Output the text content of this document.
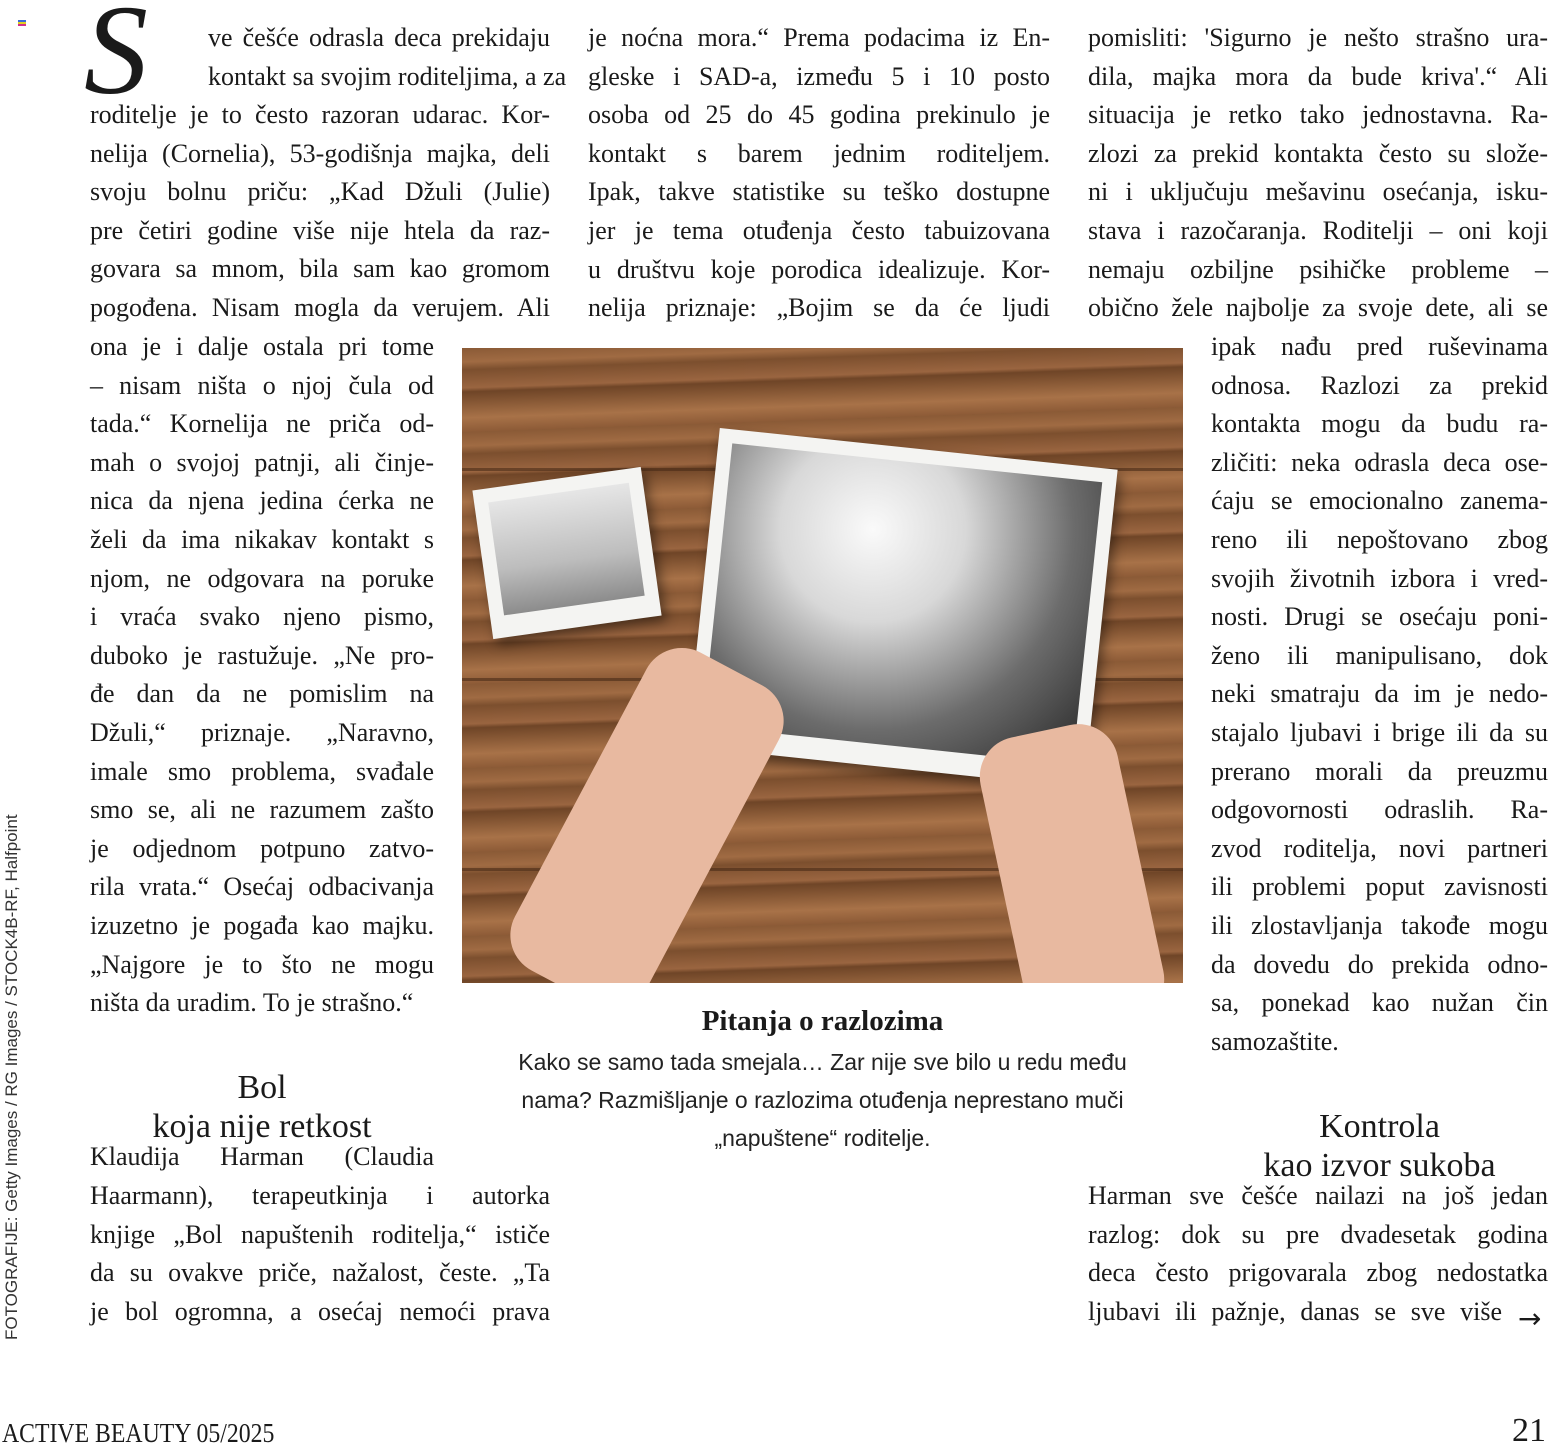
FOTOGRAFIJE: Getty Images / RG Images / STOCK4B-RF, Halfpoint
S ve češće odrasla deca prekidaju
kontakt sa svojim roditeljima, a za
roditelje je to često razoran udarac. Kor-
nelija (Cornelia), 53-godišnja majka, deli
svoju bolnu priču: „Kad Džuli (Julie)
pre četiri godine više nije htela da raz-
govara sa mnom, bila sam kao gromom
pogođena. Nisam mogla da verujem. Ali
ona je i dalje ostala pri tome
– nisam ništa o njoj čula od
tada.“ Kornelija ne priča od-
mah o svojoj patnji, ali činje-
nica da njena jedina ćerka ne
želi da ima nikakav kontakt s
njom, ne odgovara na poruke
i vraća svako njeno pismo,
duboko je rastužuje. „Ne pro-
đe dan da ne pomislim na
Džuli,“ priznaje. „Naravno,
imale smo problema, svađale
smo se, ali ne razumem zašto
je odjednom potpuno zatvo-
rila vrata.“ Osećaj odbacivanja
izuzetno je pogađa kao majku.
„Najgore je to što ne mogu
ništa da uradim. To je strašno.“
Bol
koja nije retkost
Klaudija Harman (Claudia
Haarmann), terapeutkinja i autorka
knjige „Bol napuštenih roditelja,“ ističe
da su ovakve priče, nažalost, česte. „Ta
je bol ogromna, a osećaj nemoći prava
je noćna mora.“ Prema podacima iz En-
gleske i SAD-a, između 5 i 10 posto
osoba od 25 do 45 godina prekinulo je
kontakt s barem jednim roditeljem.
Ipak, takve statistike su teško dostupne
jer je tema otuđenja često tabuizovana
u društvu koje porodica idealizuje. Kor-
nelija priznaje: „Bojim se da će ljudi
pomisliti: 'Sigurno je nešto strašno ura-
dila, majka mora da bude kriva'.“ Ali
situacija je retko tako jednostavna. Ra-
zlozi za prekid kontakta često su slože-
ni i uključuju mešavinu osećanja, isku-
stava i razočaranja. Roditelji – oni koji
nemaju ozbiljne psihičke probleme –
obično žele najbolje za svoje dete, ali se
ipak nađu pred ruševinama
odnosa. Razlozi za prekid
kontakta mogu da budu ra-
zličiti: neka odrasla deca ose-
ćaju se emocionalno zanema-
reno ili nepoštovano zbog
svojih životnih izbora i vred-
nosti. Drugi se osećaju poni-
ženo ili manipulisano, dok
neki smatraju da im je nedo-
stajalo ljubavi i brige ili da su
prerano morali da preuzmu
odgovornosti odraslih. Ra-
zvod roditelja, novi partneri
ili problemi poput zavisnosti
ili zlostavljanja takođe mogu
da dovedu do prekida odno-
sa, ponekad kao nužan čin
samozaštite.
Kontrola
kao izvor sukoba
Harman sve češće nailazi na još jedan
razlog: dok su pre dvadesetak godina
deca često prigovarala zbog nedostatka
ljubavi ili pažnje, danas se sve više →
Pitanja o razlozima
Kako se samo tada smejala… Zar nije sve bilo u redu među nama? Razmišljanje o razlozima otuđenja neprestano muči „napuštene“ roditelje.
ACTIVE BEAUTY 05/2025	21
